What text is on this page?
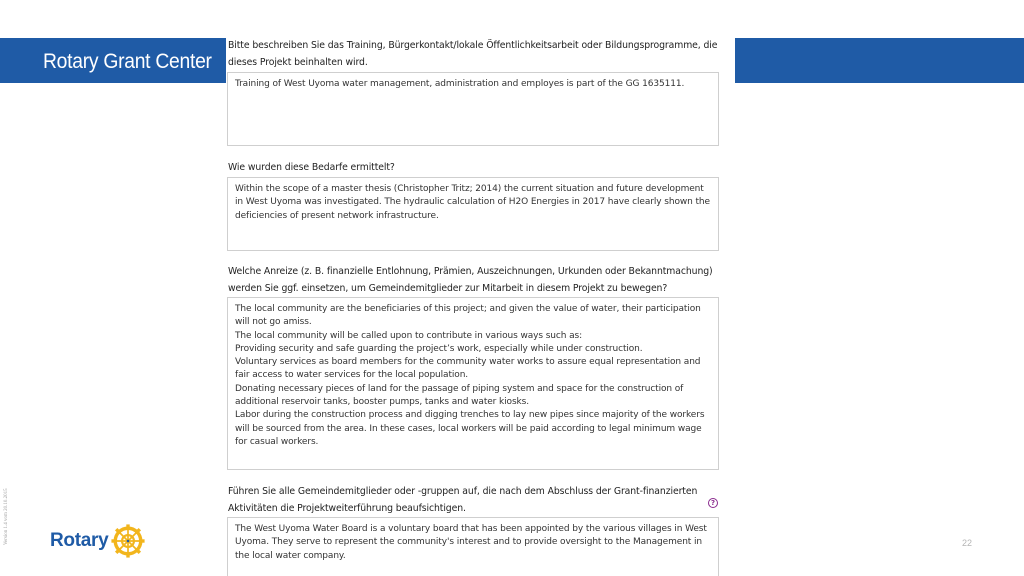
Rotary Grant Center
Version 1.4 vom 20.10.2015 Rotary	22
Bitte beschreiben Sie das Training, Bürgerkontakt/lokale Öffentlichkeitsarbeit oder Bildungsprogramme, die dieses Projekt beinhalten wird.
Training of West Uyoma water management, administration and employes is part of the GG 1635111.
Wie wurden diese Bedarfe ermittelt?
Within the scope of a master thesis (Christopher Tritz; 2014) the current situation and future development in West Uyoma was investigated. The hydraulic calculation of H2O Energies in 2017 have clearly shown the deficiencies of present network infrastructure.
Welche Anreize (z. B. finanzielle Entlohnung, Prämien, Auszeichnungen, Urkunden oder Bekanntmachung) werden Sie ggf. einsetzen, um Gemeindemitglieder zur Mitarbeit in diesem Projekt zu bewegen?
The local community are the beneficiaries of this project; and given the value of water, their participation will not go amiss.
The local community will be called upon to contribute in various ways such as:
Providing security and safe guarding the project’s work, especially while under construction.
Voluntary services as board members for the community water works to assure equal representation and fair access to water services for the local population.
Donating necessary pieces of land for the passage of piping system and space for the construction of additional reservoir tanks, booster pumps, tanks and water kiosks.
Labor during the construction process and digging trenches to lay new pipes since majority of the workers will be sourced from the area. In these cases, local workers will be paid according to legal minimum wage for casual workers.
Führen Sie alle Gemeindemitglieder oder -gruppen auf, die nach dem Abschluss der Grant-finanzierten Aktivitäten die Projektweiterführung beaufsichtigen.	?
The West Uyoma Water Board is a voluntary board that has been appointed by the various villages in West Uyoma. They serve to represent the community's interest and to provide oversight to the Management in the local water company.
